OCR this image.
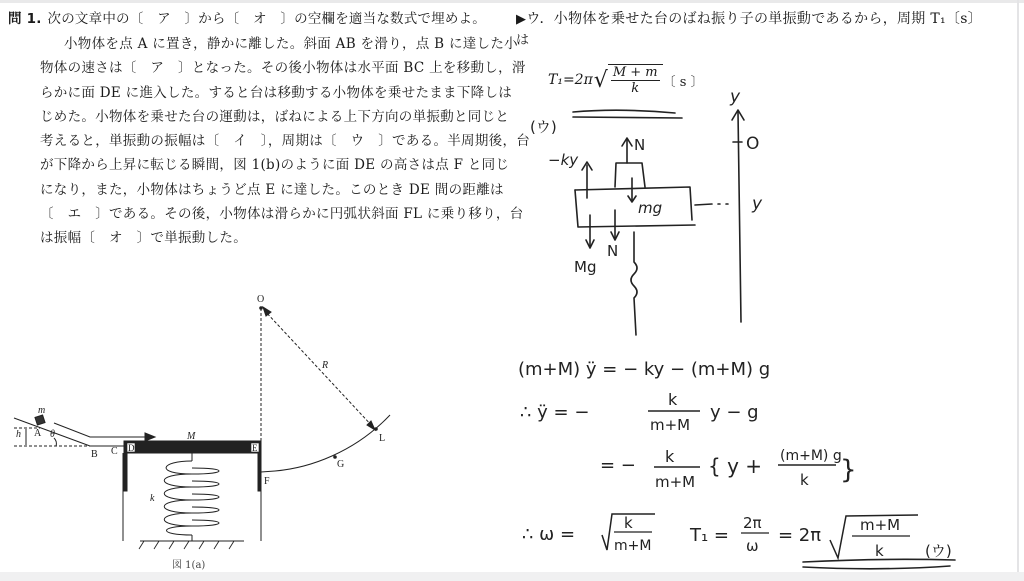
問 1. 次の文章中の〔　ア　〕から〔　オ　〕の空欄を適当な数式で埋めよ。
小物体を点 A に置き，静かに離した。斜面 AB を滑り，点 B に達した小
物体の速さは〔　ア　〕となった。その後小物体は水平面 BC 上を移動し，滑
らかに面 DE に進入した。すると台は移動する小物体を乗せたまま下降しは
じめた。小物体を乗せた台の運動は，ばねによる上下方向の単振動と同じと
考えると，単振動の振幅は〔　イ　〕，周期は〔　ウ　〕である。半周期後，台
が下降から上昇に転じる瞬間，図 1(b)のように面 DE の高さは点 F と同じ
になり，また，小物体はちょうど点 E に達した。このとき DE 間の距離は
〔　エ　〕である。その後，小物体は滑らかに円弧状斜面 FL に乗り移り，台
は振幅〔　オ　〕で単振動した。
m
A
h	θ
B C D	E
M
k
F
G
L
O
R
図 1(a)
▶ウ．小物体を乗せた台のばね振り子の単振動であるから，周期 T₁〔s〕
は
T₁=2π √ $\frac{M + m}{k}$ 〔 s 〕
y
O
y
−ky
N
mg
Mg
N
(ウ)
(m+M) ÿ = − ky − (m+M) g
∴ ÿ = −
k
m+M
y − g
= − k
m+M
{ y + (m+M) g
k }
∴ ω =
k
m+M T₁ =
2π
ω = 2π	m+M
k	(ウ)
